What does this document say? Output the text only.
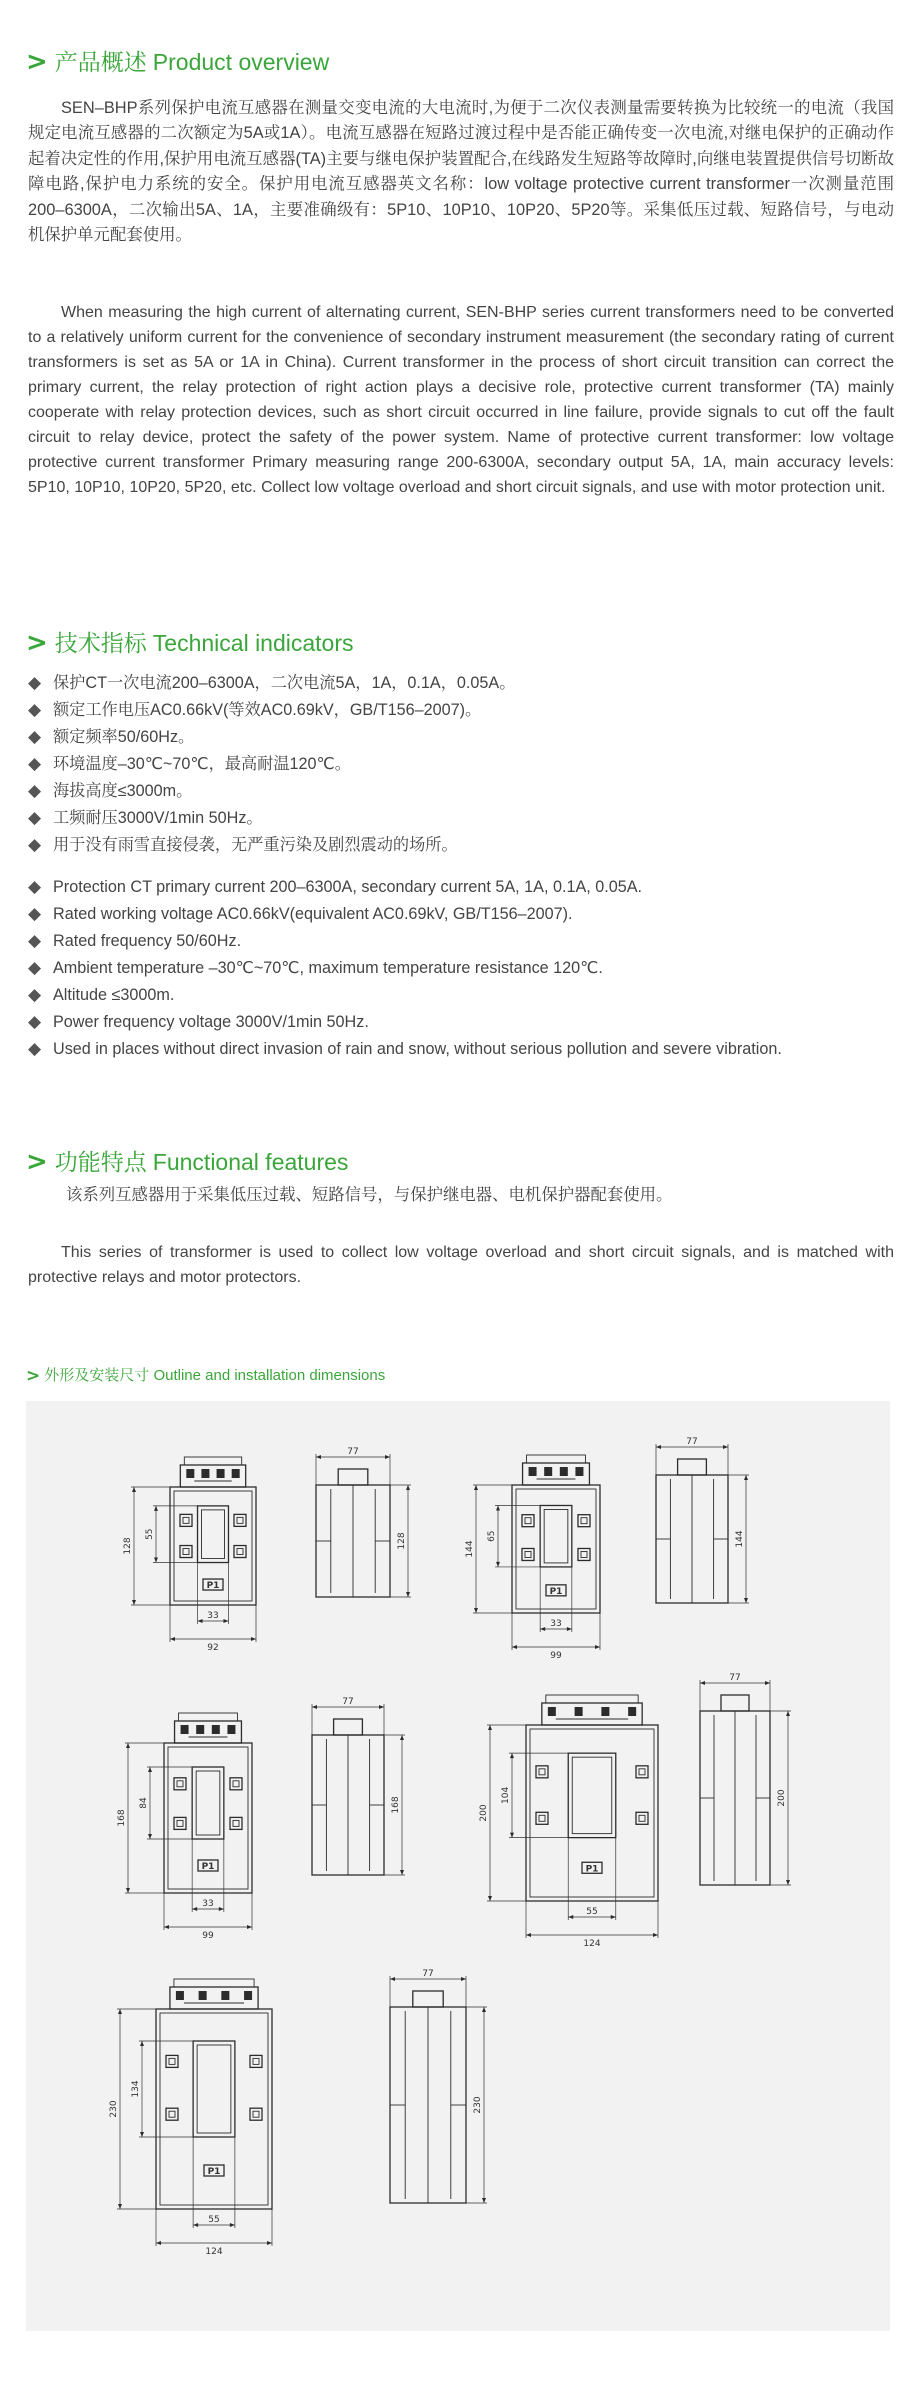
> 产品概述 Product overview
SEN–BHP系列保护电流互感器在测量交变电流的大电流时,为便于二次仪表测量需要转换为比较统一的电流（我国规定电流互感器的二次额定为5A或1A）。电流互感器在短路过渡过程中是否能正确传变一次电流,对继电保护的正确动作起着决定性的作用,保护用电流互感器(TA)主要与继电保护装置配合,在线路发生短路等故障时,向继电装置提供信号切断故障电路,保护电力系统的安全。保护用电流互感器英文名称：low voltage protective current transformer一次测量范围200–6300A，二次输出5A、1A，主要准确级有：5P10、10P10、10P20、5P20等。采集低压过载、短路信号，与电动机保护单元配套使用。
When measuring the high current of alternating current, SEN-BHP series current transformers need to be converted to a relatively uniform current for the convenience of secondary instrument measurement (the secondary rating of current transformers is set as 5A or 1A in China). Current transformer in the process of short circuit transition can correct the primary current, the relay protection of right action plays a decisive role, protective current transformer (TA) mainly cooperate with relay protection devices, such as short circuit occurred in line failure, provide signals to cut off the fault circuit to relay device, protect the safety of the power system. Name of protective current transformer: low voltage protective current transformer Primary measuring range 200-6300A, secondary output 5A, 1A, main accuracy levels: 5P10, 10P10, 10P20, 5P20, etc. Collect low voltage overload and short circuit signals, and use with motor protection unit.
> 技术指标 Technical indicators
◆ 保护CT一次电流200–6300A，二次电流5A，1A，0.1A，0.05A。
◆ 额定工作电压AC0.66kV(等效AC0.69kV，GB/T156–2007)。
◆ 额定频率50/60Hz。
◆ 环境温度–30℃~70℃，最高耐温120℃。
◆ 海拔高度≤3000m。
◆ 工频耐压3000V/1min 50Hz。
◆ 用于没有雨雪直接侵袭，无严重污染及剧烈震动的场所。
◆ Protection CT primary current 200–6300A, secondary current 5A, 1A, 0.1A, 0.05A.
◆ Rated working voltage AC0.66kV(equivalent AC0.69kV, GB/T156–2007).
◆ Rated frequency 50/60Hz.
◆ Ambient temperature –30℃~70℃, maximum temperature resistance 120℃.
◆ Altitude ≤3000m.
◆ Power frequency voltage 3000V/1min 50Hz.
◆ Used in places without direct invasion of rain and snow, without serious pollution and severe vibration.
> 功能特点 Functional features
该系列互感器用于采集低压过载、短路信号，与保护继电器、电机保护器配套使用。
This series of transformer is used to collect low voltage overload and short circuit signals, and is matched with protective relays and motor protectors.
> 外形及安装尺寸
Outline and installation dimensions
P1
128
55
33
92
77
128
P1
144
65
33
99
77
144
P1
168
84
33
99
77
168
P1
200
104
55
124
77
200
P1
230
134
55
124
77
230
